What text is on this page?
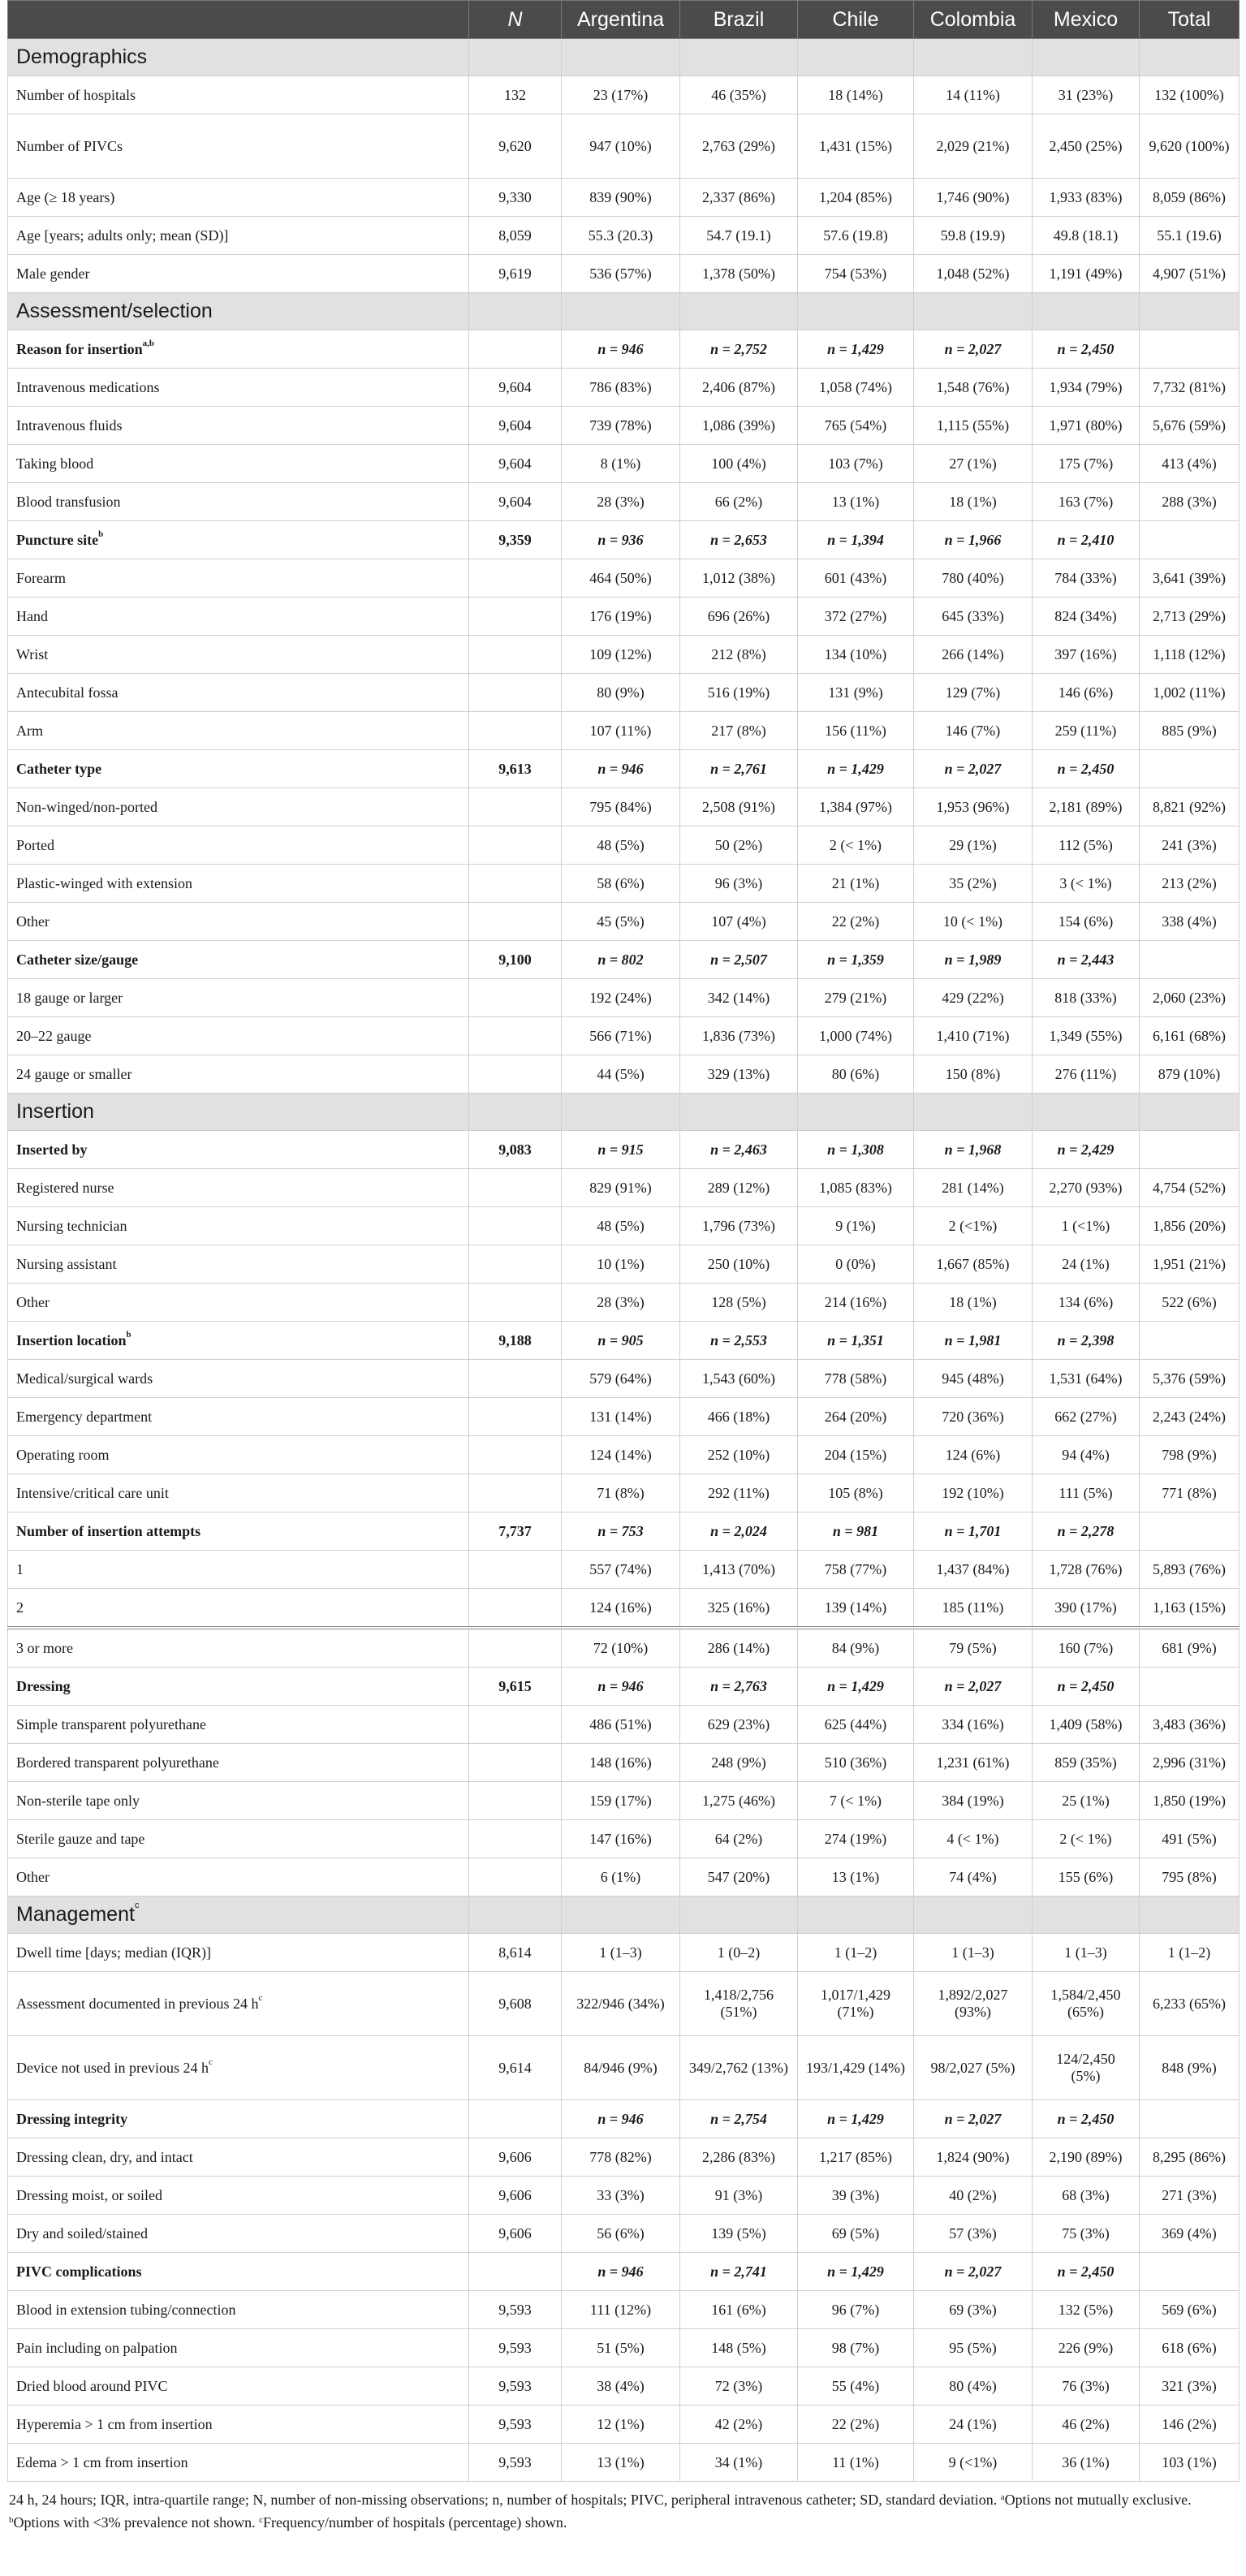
	N	Argentina	Brazil	Chile	Colombia	Mexico	Total
Demographics							
Number of hospitals	132	23 (17%)	46 (35%)	18 (14%)	14 (11%)	31 (23%)	132 (100%)
Number of PIVCs	9,620	947 (10%)	2,763 (29%)	1,431 (15%)	2,029 (21%)	2,450 (25%)	9,620 (100%)
Age (≥ 18 years)	9,330	839 (90%)	2,337 (86%)	1,204 (85%)	1,746 (90%)	1,933 (83%)	8,059 (86%)
Age [years; adults only; mean (SD)]	8,059	55.3 (20.3)	54.7 (19.1)	57.6 (19.8)	59.8 (19.9)	49.8 (18.1)	55.1 (19.6)
Male gender	9,619	536 (57%)	1,378 (50%)	754 (53%)	1,048 (52%)	1,191 (49%)	4,907 (51%)
Assessment/selection							
Reason for insertion$^{a,b}$		n = 946	n = 2,752	n = 1,429	n = 2,027	n = 2,450	
Intravenous medications	9,604	786 (83%)	2,406 (87%)	1,058 (74%)	1,548 (76%)	1,934 (79%)	7,732 (81%)
Intravenous fluids	9,604	739 (78%)	1,086 (39%)	765 (54%)	1,115 (55%)	1,971 (80%)	5,676 (59%)
Taking blood	9,604	8 (1%)	100 (4%)	103 (7%)	27 (1%)	175 (7%)	413 (4%)
Blood transfusion	9,604	28 (3%)	66 (2%)	13 (1%)	18 (1%)	163 (7%)	288 (3%)
Puncture site$^b$	9,359	n = 936	n = 2,653	n = 1,394	n = 1,966	n = 2,410	
Forearm		464 (50%)	1,012 (38%)	601 (43%)	780 (40%)	784 (33%)	3,641 (39%)
Hand		176 (19%)	696 (26%)	372 (27%)	645 (33%)	824 (34%)	2,713 (29%)
Wrist		109 (12%)	212 (8%)	134 (10%)	266 (14%)	397 (16%)	1,118 (12%)
Antecubital fossa		80 (9%)	516 (19%)	131 (9%)	129 (7%)	146 (6%)	1,002 (11%)
Arm		107 (11%)	217 (8%)	156 (11%)	146 (7%)	259 (11%)	885 (9%)
Catheter type	9,613	n = 946	n = 2,761	n = 1,429	n = 2,027	n = 2,450	
Non-winged/non-ported		795 (84%)	2,508 (91%)	1,384 (97%)	1,953 (96%)	2,181 (89%)	8,821 (92%)
Ported		48 (5%)	50 (2%)	2 (< 1%)	29 (1%)	112 (5%)	241 (3%)
Plastic-winged with extension		58 (6%)	96 (3%)	21 (1%)	35 (2%)	3 (< 1%)	213 (2%)
Other		45 (5%)	107 (4%)	22 (2%)	10 (< 1%)	154 (6%)	338 (4%)
Catheter size/gauge	9,100	n = 802	n = 2,507	n = 1,359	n = 1,989	n = 2,443	
18 gauge or larger		192 (24%)	342 (14%)	279 (21%)	429 (22%)	818 (33%)	2,060 (23%)
20–22 gauge		566 (71%)	1,836 (73%)	1,000 (74%)	1,410 (71%)	1,349 (55%)	6,161 (68%)
24 gauge or smaller		44 (5%)	329 (13%)	80 (6%)	150 (8%)	276 (11%)	879 (10%)
Insertion							
Inserted by	9,083	n = 915	n = 2,463	n = 1,308	n = 1,968	n = 2,429	
Registered nurse		829 (91%)	289 (12%)	1,085 (83%)	281 (14%)	2,270 (93%)	4,754 (52%)
Nursing technician		48 (5%)	1,796 (73%)	9 (1%)	2 (<1%)	1 (<1%)	1,856 (20%)
Nursing assistant		10 (1%)	250 (10%)	0 (0%)	1,667 (85%)	24 (1%)	1,951 (21%)
Other		28 (3%)	128 (5%)	214 (16%)	18 (1%)	134 (6%)	522 (6%)
Insertion location$^b$	9,188	n = 905	n = 2,553	n = 1,351	n = 1,981	n = 2,398	
Medical/surgical wards		579 (64%)	1,543 (60%)	778 (58%)	945 (48%)	1,531 (64%)	5,376 (59%)
Emergency department		131 (14%)	466 (18%)	264 (20%)	720 (36%)	662 (27%)	2,243 (24%)
Operating room		124 (14%)	252 (10%)	204 (15%)	124 (6%)	94 (4%)	798 (9%)
Intensive/critical care unit		71 (8%)	292 (11%)	105 (8%)	192 (10%)	111 (5%)	771 (8%)
Number of insertion attempts	7,737	n = 753	n = 2,024	n = 981	n = 1,701	n = 2,278	
1		557 (74%)	1,413 (70%)	758 (77%)	1,437 (84%)	1,728 (76%)	5,893 (76%)
2		124 (16%)	325 (16%)	139 (14%)	185 (11%)	390 (17%)	1,163 (15%)
3 or more		72 (10%)	286 (14%)	84 (9%)	79 (5%)	160 (7%)	681 (9%)
Dressing	9,615	n = 946	n = 2,763	n = 1,429	n = 2,027	n = 2,450	
Simple transparent polyurethane		486 (51%)	629 (23%)	625 (44%)	334 (16%)	1,409 (58%)	3,483 (36%)
Bordered transparent polyurethane		148 (16%)	248 (9%)	510 (36%)	1,231 (61%)	859 (35%)	2,996 (31%)
Non-sterile tape only		159 (17%)	1,275 (46%)	7 (< 1%)	384 (19%)	25 (1%)	1,850 (19%)
Sterile gauze and tape		147 (16%)	64 (2%)	274 (19%)	4 (< 1%)	2 (< 1%)	491 (5%)
Other		6 (1%)	547 (20%)	13 (1%)	74 (4%)	155 (6%)	795 (8%)
Management$^c$							
Dwell time [days; median (IQR)]	8,614	1 (1–3)	1 (0–2)	1 (1–2)	1 (1–3)	1 (1–3)	1 (1–2)
Assessment documented in previous 24 $h^c$	9,608	322/946 (34%)	1,418/2,756 (51%)	1,017/1,429 (71%)	1,892/2,027 (93%)	1,584/2,450 (65%)	6,233 (65%)
Device not used in previous 24 $h^c$	9,614	84/946 (9%)	349/2,762 (13%)	193/1,429 (14%)	98/2,027 (5%)	124/2,450 (5%)	848 (9%)
Dressing integrity		n = 946	n = 2,754	n = 1,429	n = 2,027	n = 2,450	
Dressing clean, dry, and intact	9,606	778 (82%)	2,286 (83%)	1,217 (85%)	1,824 (90%)	2,190 (89%)	8,295 (86%)
Dressing moist, or soiled	9,606	33 (3%)	91 (3%)	39 (3%)	40 (2%)	68 (3%)	271 (3%)
Dry and soiled/stained	9,606	56 (6%)	139 (5%)	69 (5%)	57 (3%)	75 (3%)	369 (4%)
PIVC complications		n = 946	n = 2,741	n = 1,429	n = 2,027	n = 2,450	
Blood in extension tubing/connection	9,593	111 (12%)	161 (6%)	96 (7%)	69 (3%)	132 (5%)	569 (6%)
Pain including on palpation	9,593	51 (5%)	148 (5%)	98 (7%)	95 (5%)	226 (9%)	618 (6%)
Dried blood around PIVC	9,593	38 (4%)	72 (3%)	55 (4%)	80 (4%)	76 (3%)	321 (3%)
Hyperemia > 1 cm from insertion	9,593	12 (1%)	42 (2%)	22 (2%)	24 (1%)	46 (2%)	146 (2%)
Edema > 1 cm from insertion	9,593	13 (1%)	34 (1%)	11 (1%)	9 (<1%)	36 (1%)	103 (1%)
24 h, 24 hours; IQR, intra-quartile range; N, number of non-missing observations; n, number of hospitals; PIVC, peripheral intravenous catheter; SD, standard deviation. $^a$Options not mutually exclusive. $^b$Options with <3% prevalence not shown. $^c$Frequency/number of hospitals (percentage) shown.
